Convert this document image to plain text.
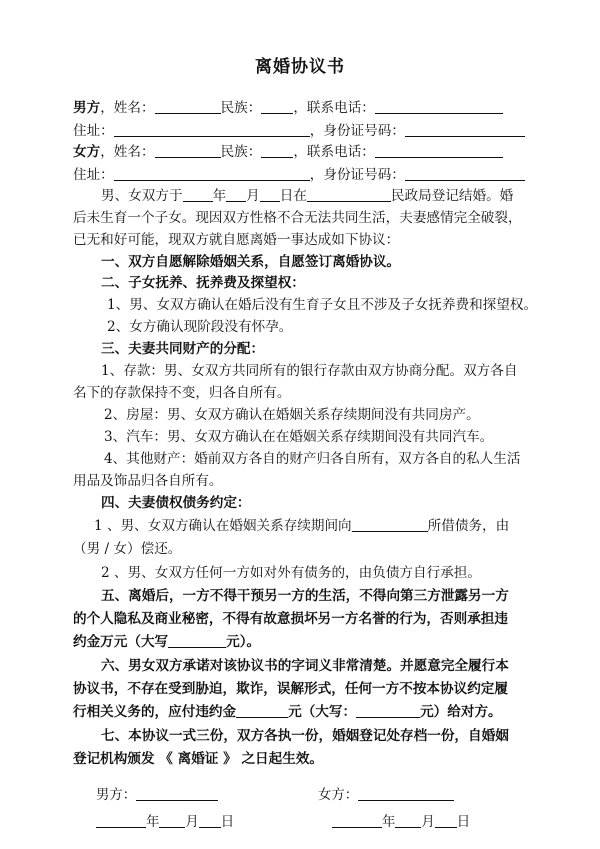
离婚协议书
男方，姓名：	民族： ，联系电话：
住址：	，身份证号码：
女方，姓名：	民族： ，联系电话：
住址：	，身份证号码：
男、女双方于 年 月 日在	民政局登记结婚。婚
后未生育一个子女。现因双方性格不合无法共同生活，夫妻感情完全破裂，
已无和好可能，现双方就自愿离婚一事达成如下协议：
一、双方自愿解除婚姻关系，自愿签订离婚协议。
二、子女抚养、抚养费及探望权：
1、男、女双方确认在婚后没有生育子女且不涉及子女抚养费和探望权。
2、女方确认现阶段没有怀孕。
三、夫妻共同财产的分配：
1、存款：男、女双方共同所有的银行存款由双方协商分配。双方各自
名下的存款保持不变，归各自所有。
2、房屋：男、女双方确认在婚姻关系存续期间没有共同房产。
3、汽车：男、女双方确认在在婚姻关系存续期间没有共同汽车。
4、其他财产：婚前双方各自的财产归各自所有，双方各自的私人生活
用品及饰品归各自所有。
四、夫妻债权债务约定：
1 、男、女双方确认在婚姻关系存续期间向	所借债务，由
（男 / 女）偿还。
2 、男、女双方任何一方如对外有债务的，由负债方自行承担。
五、离婚后，一方不得干预另一方的生活，不得向第三方泄露另一方
的个人隐私及商业秘密，不得有故意损坏另一方名誉的行为，否则承担违
约金万元（大写	元）。
六、男女双方承诺对该协议书的字词义非常清楚。并愿意完全履行本
协议书，不存在受到胁迫，欺诈，误解形式，任何一方不按本协议约定履
行相关义务的，应付违约金	元（大写：	元）给对方。
七、本协议一式三份，双方各执一份，婚姻登记处存档一份，自婚姻
登记机构颁发 《 离婚证 》 之日起生效。
男方：	女方：
年 月 日	年 月 日
